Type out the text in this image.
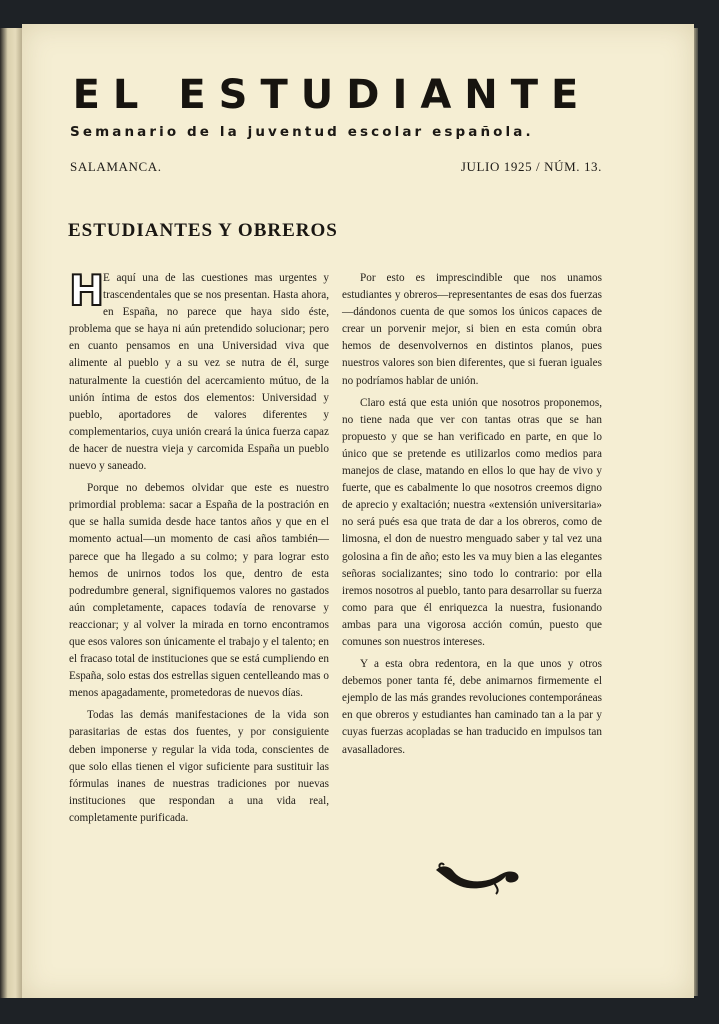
EL ESTUDIANTE
Semanario de la juventud escolar española.
SALAMANCA.	JULIO 1925 / NÚM. 13.
ESTUDIANTES Y OBREROS

H
E aquí una de las cuestiones mas urgentes y trascendentales que se nos presentan. Hasta ahora, en España, no parece que haya sido éste, problema que se haya ni aún pretendido solucionar; pero en cuanto pensamos en una Universidad viva que alimente al pueblo y a su vez se nutra de él, surge naturalmente la cuestión del acercamiento mútuo, de la unión íntima de estos dos elementos: Universidad y pueblo, aportadores de valores diferentes y complementarios, cuya unión creará la única fuerza capaz de hacer de nuestra vieja y carcomida España un pueblo nuevo y saneado.

Porque no debemos olvidar que este es nuestro primordial problema: sacar a España de la postración en que se halla sumida desde hace tantos años y que en el momento actual—un momento de casi años también—parece que ha llegado a su colmo; y para lograr esto hemos de unirnos todos los que, dentro de esta podredumbre general, signifiquemos valores no gastados aún completamente, capaces todavía de renovarse y reaccionar; y al volver la mirada en torno encontramos que esos valores son únicamente el trabajo y el talento; en el fracaso total de instituciones que se está cumpliendo en España, solo estas dos estrellas siguen centelleando mas o menos apagadamente, prometedoras de nuevos días.

Todas las demás manifestaciones de la vida son parasitarias de estas dos fuentes, y por consiguiente deben imponerse y regular la vida toda, conscientes de que solo ellas tienen el vigor suficiente para sustituir las fórmulas inanes de nuestras tradiciones por nuevas instituciones que respondan a una vida real, completamente purificada.

Por esto es imprescindible que nos unamos estudiantes y obreros—representantes de esas dos fuerzas—dándonos cuenta de que somos los únicos capaces de crear un porvenir mejor, si bien en esta común obra hemos de desenvolvernos en distintos planos, pues nuestros valores son bien diferentes, que si fueran iguales no podríamos hablar de unión.

Claro está que esta unión que nosotros proponemos, no tiene nada que ver con tantas otras que se han propuesto y que se han verificado en parte, en que lo único que se pretende es utilizarlos como medios para manejos de clase, matando en ellos lo que hay de vivo y fuerte, que es cabalmente lo que nosotros creemos digno de aprecio y exaltación; nuestra «extensión universitaria» no será pués esa que trata de dar a los obreros, como de limosna, el don de nuestro menguado saber y tal vez una golosina a fin de año; esto les va muy bien a las elegantes señoras socializantes; sino todo lo contrario: por ella iremos nosotros al pueblo, tanto para desarrollar su fuerza como para que él enriquezca la nuestra, fusionando ambas para una vigorosa acción común, puesto que comunes son nuestros intereses.

Y a esta obra redentora, en la que unos y otros debemos poner tanta fé, debe animarnos firmemente el ejemplo de las más grandes revoluciones contemporáneas en que obreros y estudiantes han caminado tan a la par y cuyas fuerzas acopladas se han traducido en impulsos tan avasalladores.
